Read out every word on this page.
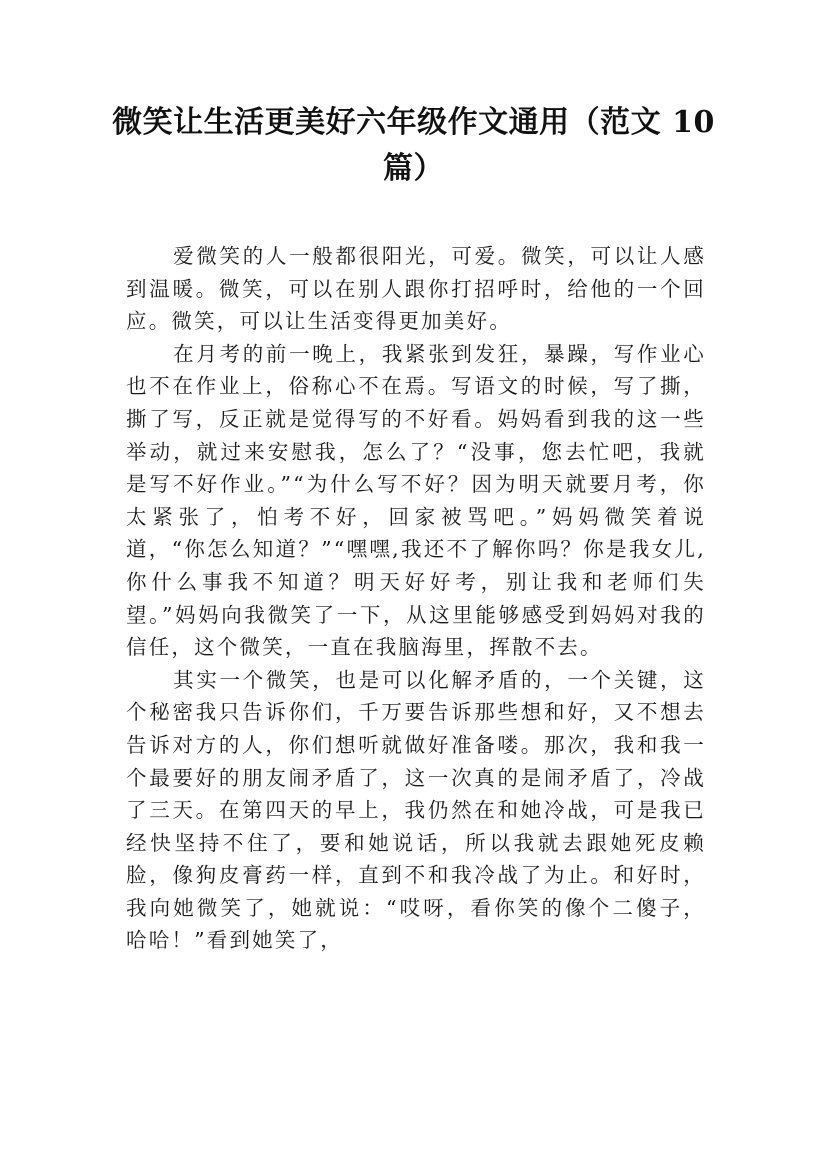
微笑让生活更美好六年级作文通用（范文 10 篇）

爱微笑的人一般都很阳光，可爱。微笑，可以让人感到温暖。微笑，可以在别人跟你打招呼时，给他的一个回应。微笑，可以让生活变得更加美好。

在月考的前一晚上，我紧张到发狂，暴躁，写作业心也不在作业上，俗称心不在焉。写语文的时候，写了撕，撕了写，反正就是觉得写的不好看。妈妈看到我的这一些举动，就过来安慰我，怎么了？“没事，您去忙吧，我就是写不好作业。”“为什么写不好？因为明天就要月考，你太紧张了，怕考不好，回家被骂吧。”妈妈微笑着说道，“你怎么知道？”“嘿嘿,我还不了解你吗？你是我女儿,你什么事我不知道？明天好好考，别让我和老师们失望。”妈妈向我微笑了一下，从这里能够感受到妈妈对我的信任，这个微笑，一直在我脑海里，挥散不去。

其实一个微笑，也是可以化解矛盾的，一个关键，这个秘密我只告诉你们，千万要告诉那些想和好，又不想去告诉对方的人，你们想听就做好准备喽。那次，我和我一个最要好的朋友闹矛盾了，这一次真的是闹矛盾了，冷战了三天。在第四天的早上，我仍然在和她冷战，可是我已经快坚持不住了，要和她说话，所以我就去跟她死皮赖脸，像狗皮膏药一样，直到不和我冷战了为止。和好时，我向她微笑了，她就说：“哎呀，看你笑的像个二傻子，哈哈！”看到她笑了，
